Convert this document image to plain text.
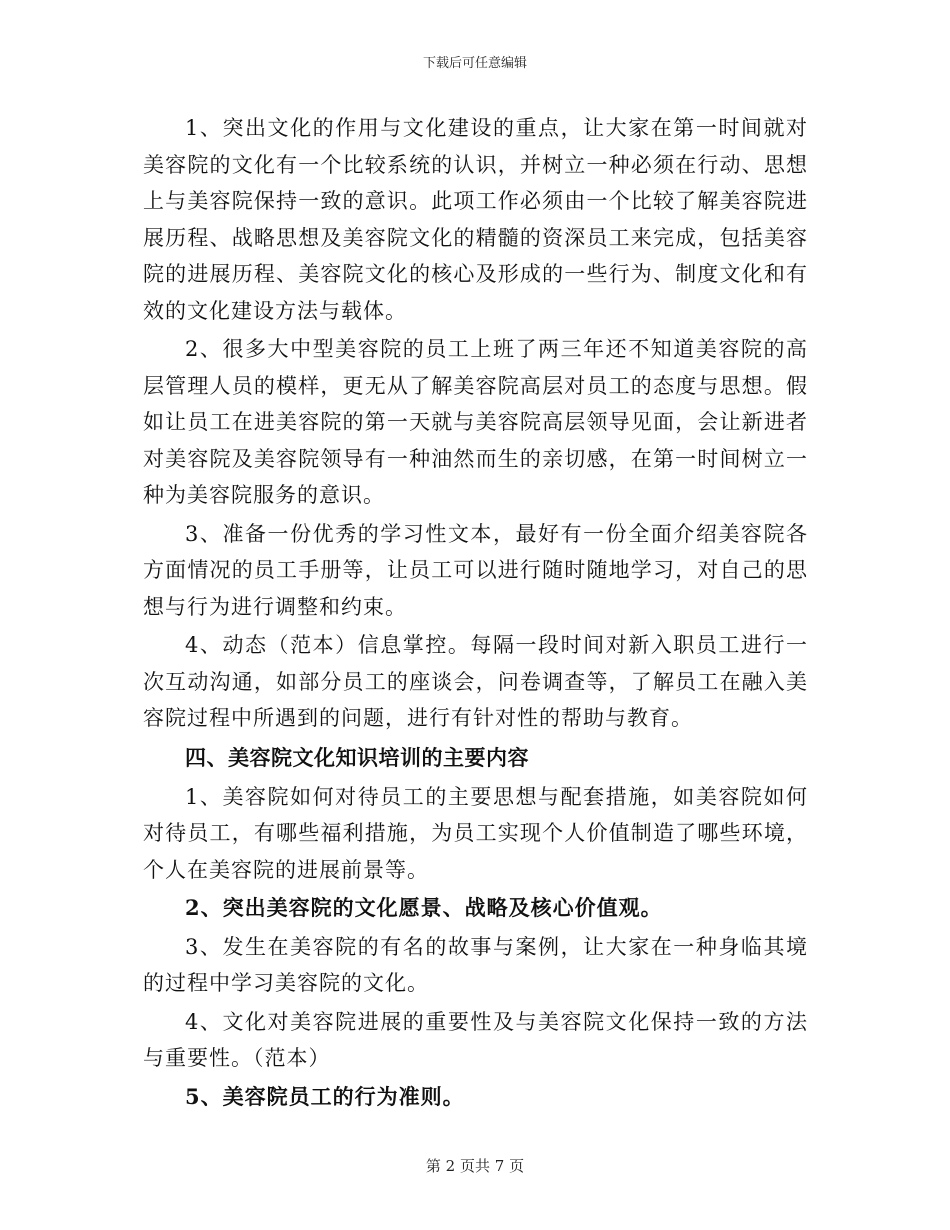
下载后可任意编辑

1、突出文化的作用与文化建设的重点，让大家在第一时间就对美容院的文化有一个比较系统的认识，并树立一种必须在行动、思想上与美容院保持一致的意识。此项工作必须由一个比较了解美容院进展历程、战略思想及美容院文化的精髓的资深员工来完成，包括美容院的进展历程、美容院文化的核心及形成的一些行为、制度文化和有效的文化建设方法与载体。

2、很多大中型美容院的员工上班了两三年还不知道美容院的高层管理人员的模样，更无从了解美容院高层对员工的态度与思想。假如让员工在进美容院的第一天就与美容院高层领导见面，会让新进者对美容院及美容院领导有一种油然而生的亲切感，在第一时间树立一种为美容院服务的意识。

3、准备一份优秀的学习性文本，最好有一份全面介绍美容院各方面情况的员工手册等，让员工可以进行随时随地学习，对自己的思想与行为进行调整和约束。

4、动态（范本）信息掌控。每隔一段时间对新入职员工进行一次互动沟通，如部分员工的座谈会，问卷调查等，了解员工在融入美容院过程中所遇到的问题，进行有针对性的帮助与教育。

四、美容院文化知识培训的主要内容

1、美容院如何对待员工的主要思想与配套措施，如美容院如何对待员工，有哪些福利措施，为员工实现个人价值制造了哪些环境，个人在美容院的进展前景等。

2、突出美容院的文化愿景、战略及核心价值观。

3、发生在美容院的有名的故事与案例，让大家在一种身临其境的过程中学习美容院的文化。

4、文化对美容院进展的重要性及与美容院文化保持一致的方法与重要性。（范本）

5、美容院员工的行为准则。

第 2 页共 7 页
